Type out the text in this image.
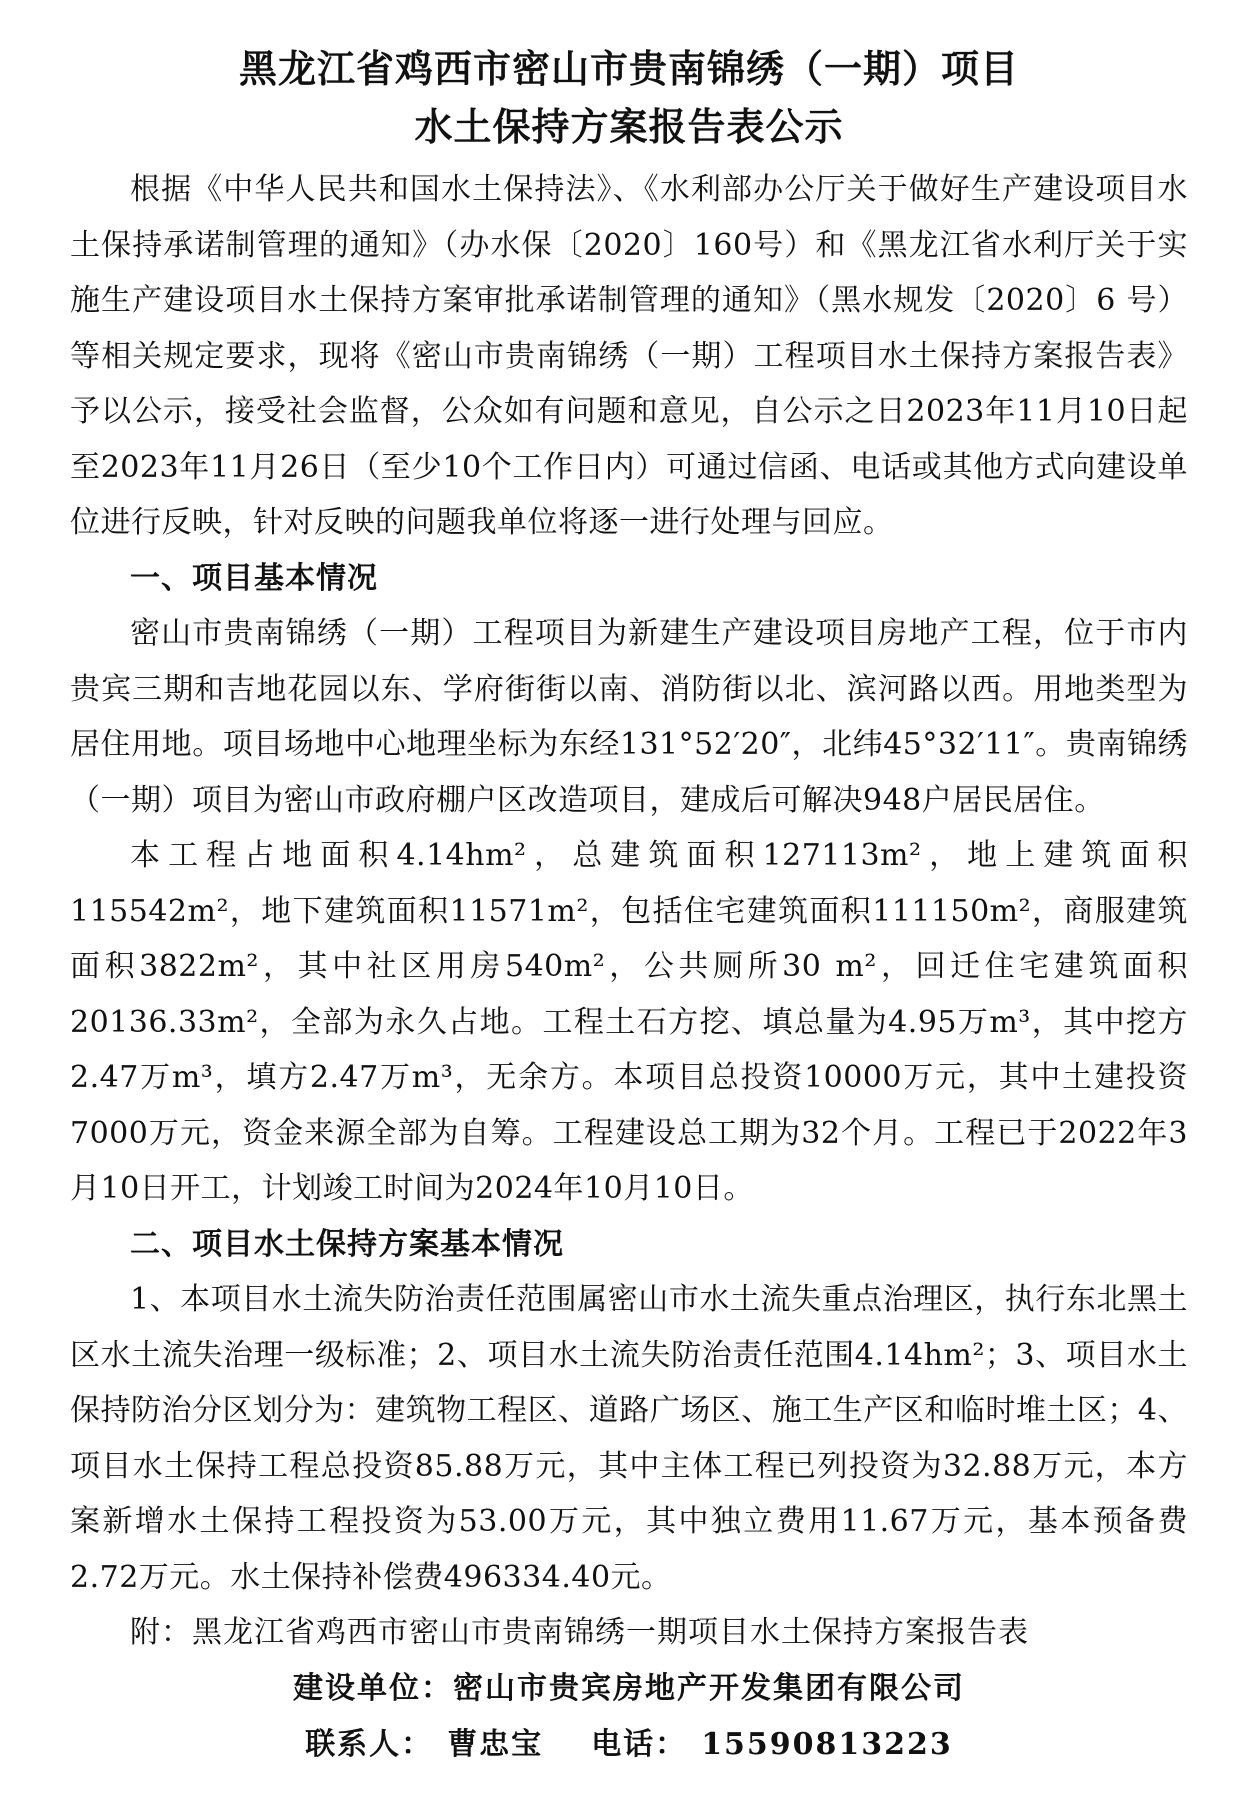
黑龙江省鸡西市密山市贵南锦绣（一期）项目
水土保持方案报告表公示

根据《中华人民共和国水土保持法》、《水利部办公厅关于做好生产建设项目水土保持承诺制管理的通知》（办水保〔2020〕160号）和《黑龙江省水利厅关于实施生产建设项目水土保持方案审批承诺制管理的通知》（黑水规发〔2020〕6 号）等相关规定要求，现将《密山市贵南锦绣（一期）工程项目水土保持方案报告表》予以公示，接受社会监督，公众如有问题和意见，自公示之日2023年11月10日起至2023年11月26日（至少10个工作日内）可通过信函、电话或其他方式向建设单位进行反映，针对反映的问题我单位将逐一进行处理与回应。

一、项目基本情况

密山市贵南锦绣（一期）工程项目为新建生产建设项目房地产工程，位于市内贵宾三期和吉地花园以东、学府街街以南、消防街以北、滨河路以西。用地类型为居住用地。项目场地中心地理坐标为东经131°52′20″，北纬45°32′11″。贵南锦绣（一期）项目为密山市政府棚户区改造项目，建成后可解决948户居民居住。

本工程占地面积4.14hm²，总建筑面积127113m²，地上建筑面积115542m²，地下建筑面积11571m²，包括住宅建筑面积111150m²，商服建筑面积3822m²，其中社区用房540m²，公共厕所30 m²，回迁住宅建筑面积20136.33m²，全部为永久占地。工程土石方挖、填总量为4.95万m³，其中挖方2.47万m³，填方2.47万m³，无余方。本项目总投资10000万元，其中土建投资7000万元，资金来源全部为自筹。工程建设总工期为32个月。工程已于2022年3月10日开工，计划竣工时间为2024年10月10日。

二、项目水土保持方案基本情况

1、本项目水土流失防治责任范围属密山市水土流失重点治理区，执行东北黑土区水土流失治理一级标准；2、项目水土流失防治责任范围4.14hm²；3、项目水土保持防治分区划分为：建筑物工程区、道路广场区、施工生产区和临时堆土区；4、项目水土保持工程总投资85.88万元，其中主体工程已列投资为32.88万元，本方案新增水土保持工程投资为53.00万元，其中独立费用11.67万元，基本预备费2.72万元。水土保持补偿费496334.40元。

附：黑龙江省鸡西市密山市贵南锦绣一期项目水土保持方案报告表

建设单位：密山市贵宾房地产开发集团有限公司

联系人： 曹忠宝 电话： 15590813223
